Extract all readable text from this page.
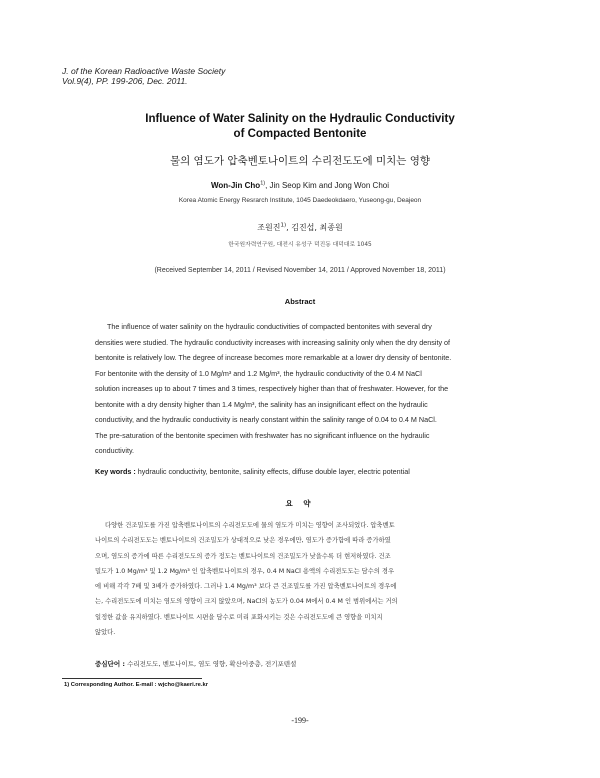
J. of the Korean Radioactive Waste Society
Vol.9(4), PP. 199-206, Dec. 2011.
Influence of Water Salinity on the Hydraulic Conductivity
of Compacted Bentonite
물의 염도가 압축벤토나이트의 수리전도도에 미치는 영향
Won-Jin Cho$^{1)}$, Jin Seop Kim and Jong Won Choi
Korea Atomic Energy Resrarch Institute, 1045 Daedeokdaero, Yuseong-gu, Deajeon
조원진$^{1)}$, 김진섭, 최종원
한국원자력연구원, 대전시 유성구 덕진동 대덕대로 1045
(Received September 14, 2011 / Revised November 14, 2011 / Approved November 18, 2011)
Abstract
The influence of water salinity on the hydraulic conductivities of compacted bentonites with several dry
densities were studied. The hydraulic conductivity increases with increasing salinity only when the dry density of
bentonite is relatively low. The degree of increase becomes more remarkable at a lower dry density of bentonite.
For bentonite with the density of 1.0 Mg/m³ and 1.2 Mg/m³, the hydraulic conductivity of the 0.4 M NaCl
solution increases up to about 7 times and 3 times, respectively higher than that of freshwater. However, for the
bentonite with a dry density higher than 1.4 Mg/m³, the salinity has an insignificant effect on the hydraulic
conductivity, and the hydraulic conductivity is nearly constant within the salinity range of 0.04 to 0.4 M NaCl.
The pre-saturation of the bentonite specimen with freshwater has no significant influence on the hydraulic
conductivity.
Key words : hydraulic conductivity, bentonite, salinity effects, diffuse double layer, electric potential
요 약
다양한 건조밀도를 가진 압축벤토나이트의 수리전도도에 물의 염도가 미치는 영향이 조사되었다. 압축벤토
나이트의 수리전도도는 벤토나이트의 건조밀도가 상대적으로 낮은 경우에만, 염도가 증가함에 따라 증가하였
으며, 염도의 증가에 따른 수리전도도의 증가 정도는 벤토나이트의 건조밀도가 낮을수록 더 현저하였다. 건조
밀도가 1.0 Mg/m³ 및 1.2 Mg/m³ 인 압축벤토나이트의 경우, 0.4 M NaCl 용액의 수리전도도는 담수의 경우
에 비해 각각 7배 및 3배가 증가하였다. 그러나 1.4 Mg/m³ 보다 큰 건조밀도를 가진 압축벤토나이트의 경우에
는, 수리전도도에 미치는 염도의 영향이 크지 않았으며, NaCl의 농도가 0.04 M에서 0.4 M 인 범위에서는 거의
일정한 값을 유지하였다. 벤토나이트 시편을 담수로 미리 포화시키는 것은 수리전도도에 큰 영향을 미치지
않았다.
중심단어 : 수리전도도, 벤토나이트, 염도 영향, 확산이중층, 전기포텐셜
1) Corresponding Author. E-mail : wjcho@kaeri.re.kr
-199-
